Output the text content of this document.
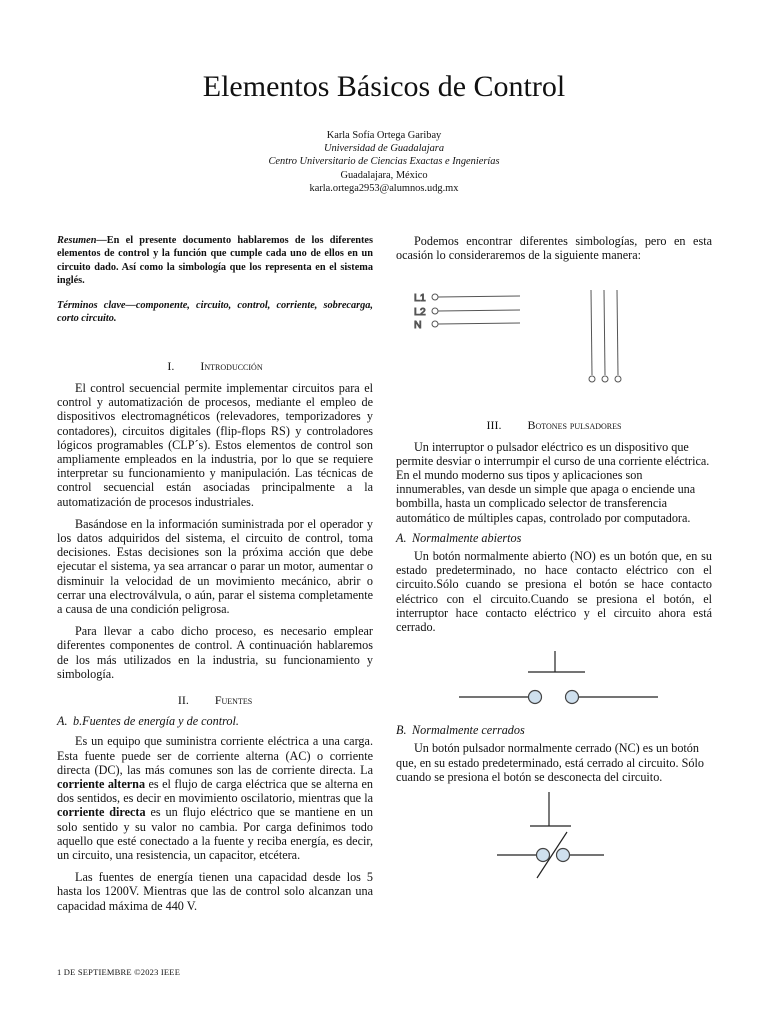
Elementos Básicos de Control
Karla Sofía Ortega Garibay
Universidad de Guadalajara
Centro Universitario de Ciencias Exactas e Ingenierías
Guadalajara, México
karla.ortega2953@alumnos.udg.mx
Resumen—En el presente documento hablaremos de los diferentes elementos de control y la función que cumple cada uno de ellos en un circuito dado. Así como la simbología que los representa en el sistema inglés.
Términos clave—componente, circuito, control, corriente, sobrecarga, corto circuito.
I. Introducción

El control secuencial permite implementar circuitos para el control y automatización de procesos, mediante el empleo de dispositivos electromagnéticos (relevadores, temporizadores y contadores), circuitos digitales (flip-flops RS) y controladores lógicos programables (CLP´s). Estos elementos de control son ampliamente empleados en la industria, por lo que se requiere interpretar su funcionamiento y manipulación. Las técnicas de control secuencial están asociadas principalmente a la automatización de procesos industriales.

Basándose en la información suministrada por el operador y los datos adquiridos del sistema, el circuito de control, toma decisiones. Estas decisiones son la próxima acción que debe ejecutar el sistema, ya sea arrancar o parar un motor, aumentar o disminuir la velocidad de un movimiento mecánico, abrir o cerrar una electroválvula, o aún, parar el sistema completamente a causa de una condición peligrosa.

Para llevar a cabo dicho proceso, es necesario emplear diferentes componentes de control. A continuación hablaremos de los más utilizados en la industria, su funcionamiento y simbología.

II. Fuentes
A. b.Fuentes de energía y de control.

Es un equipo que suministra corriente eléctrica a una carga. Esta fuente puede ser de corriente alterna (AC) o corriente directa (DC), las más comunes son las de corriente directa. La corriente alterna es el flujo de carga eléctrica que se alterna en dos sentidos, es decir en movimiento oscilatorio, mientras que la corriente directa es un flujo eléctrico que se mantiene en un solo sentido y su valor no cambia. Por carga definimos todo aquello que esté conectado a la fuente y reciba energía, es decir, un circuito, una resistencia, un capacitor, etcétera.

Las fuentes de energía tienen una capacidad desde los 5 hasta los 1200V. Mientras que las de control solo alcanzan una capacidad máxima de 440 V.

Podemos encontrar diferentes simbologías, pero en esta ocasión lo consideraremos de la siguiente manera:

III. Botones pulsadores

Un interruptor o pulsador eléctrico es un dispositivo que permite desviar o interrumpir el curso de una corriente eléctrica. En el mundo moderno sus tipos y aplicaciones son innumerables, van desde un simple que apaga o enciende una bombilla, hasta un complicado selector de transferencia automático de múltiples capas, controlado por computadora.

A. Normalmente abiertos

Un botón normalmente abierto (NO) es un botón que, en su estado predeterminado, no hace contacto eléctrico con el circuito.Sólo cuando se presiona el botón se hace contacto eléctrico con el circuito.Cuando se presiona el botón, el interruptor hace contacto eléctrico y el circuito ahora está cerrado.

B. Normalmente cerrados

Un botón pulsador normalmente cerrado (NC) es un botón que, en su estado predeterminado, está cerrado al circuito. Sólo cuando se presiona el botón se desconecta del circuito.

L1
L2
N
1 DE SEPTIEMBRE ©2023 IEEE
